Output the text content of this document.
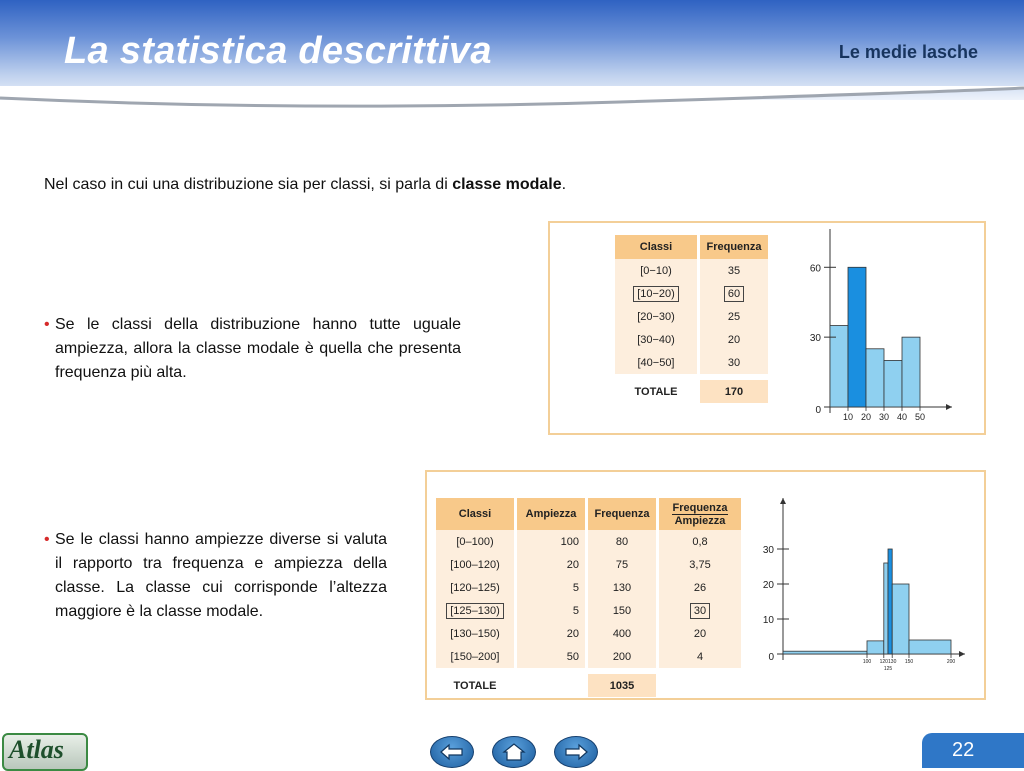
La statistica descrittiva	Le medie lasche
Nel caso in cui una distribuzione sia per classi, si parla di classe modale.
• Se le classi della distribuzione hanno tutte uguale ampiezza, allora la classe modale è quella che presenta frequenza più alta.
• Se le classi hanno ampiezze diverse si valuta il rapporto tra frequenza e ampiezza della classe. La classe cui corrisponde l’altezza maggiore è la classe modale.
Classi	Frequenza
[0−10)	35
[10−20)	60
[20−30)	25
[30−40)	20
[40−50]	30

TOTALE	170
30
60
0
10 20 30 40 50
Classi	Ampiezza	Frequenza	$\frac{\text{Frequenza}}{\text{Ampiezza}}$
[0–100)	100	80	0,8
[100–120)	20	75	3,75
[120–125)	5	130	26
[125–130)	5	150	30
[130–150)	20	400	20
[150–200]	50	200	4

TOTALE		1035	
10
20
30
0	100 120 130 150	200
125
Atlas	22
